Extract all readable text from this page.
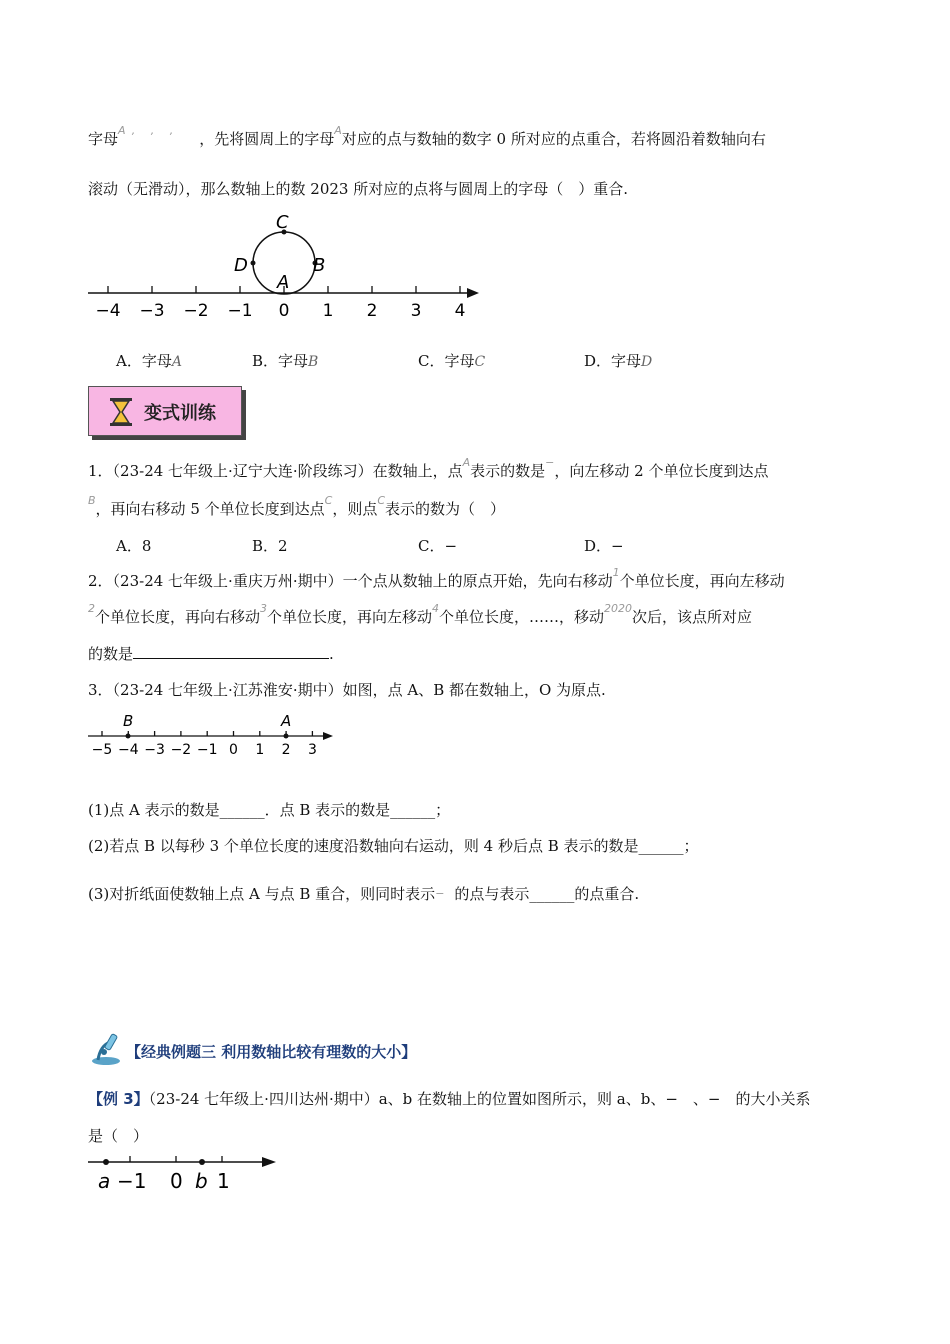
字母$^{A, , ,}$ ，先将圆周上的字母$^A$对应的点与数轴的数字 0 所对应的点重合，若将圆沿着数轴向右
滚动（无滑动），那么数轴上的数 2023 所对应的点将与圆周上的字母（　）重合.
−4 −3 −2 −1 0 1 2 3 4
C
D	B
A
A．字母A	B．字母B	C．字母C	D．字母D
变式训练
1．（23-24 七年级上·辽宁大连·阶段练习）在数轴上，点$^A$表示的数是−，向左移动 2 个单位长度到达点
$^B$，再向右移动 5 个单位长度到达点$^C$，则点$^C$表示的数为（　）
A．8	B．2	C．−	D．−
2．（23-24 七年级上·重庆万州·期中）一个点从数轴上的原点开始，先向右移动$^1$个单位长度，再向左移动
$^2$个单位长度，再向右移动$^3$个单位长度，再向左移动$^4$个单位长度，……，移动$^{2020}$次后，该点所对应
的数是	.
3．（23-24 七年级上·江苏淮安·期中）如图，点 A、B 都在数轴上，O 为原点.
−5 −4 −3 −2 −1 0 1 2 3
B	A
(1)点 A 表示的数是______．点 B 表示的数是______；
(2)若点 B 以每秒 3 个单位长度的速度沿数轴向右运动，则 4 秒后点 B 表示的数是______；
(3)对折纸面使数轴上点 A 与点 B 重合，则同时表示− 的点与表示______的点重合.
【经典例题三 利用数轴比较有理数的大小】
【例 3】（23-24 七年级上·四川达州·期中）a、b 在数轴上的位置如图所示，则 a、b、−　、−　的大小关系
是（　）
a −1 0 b 1
